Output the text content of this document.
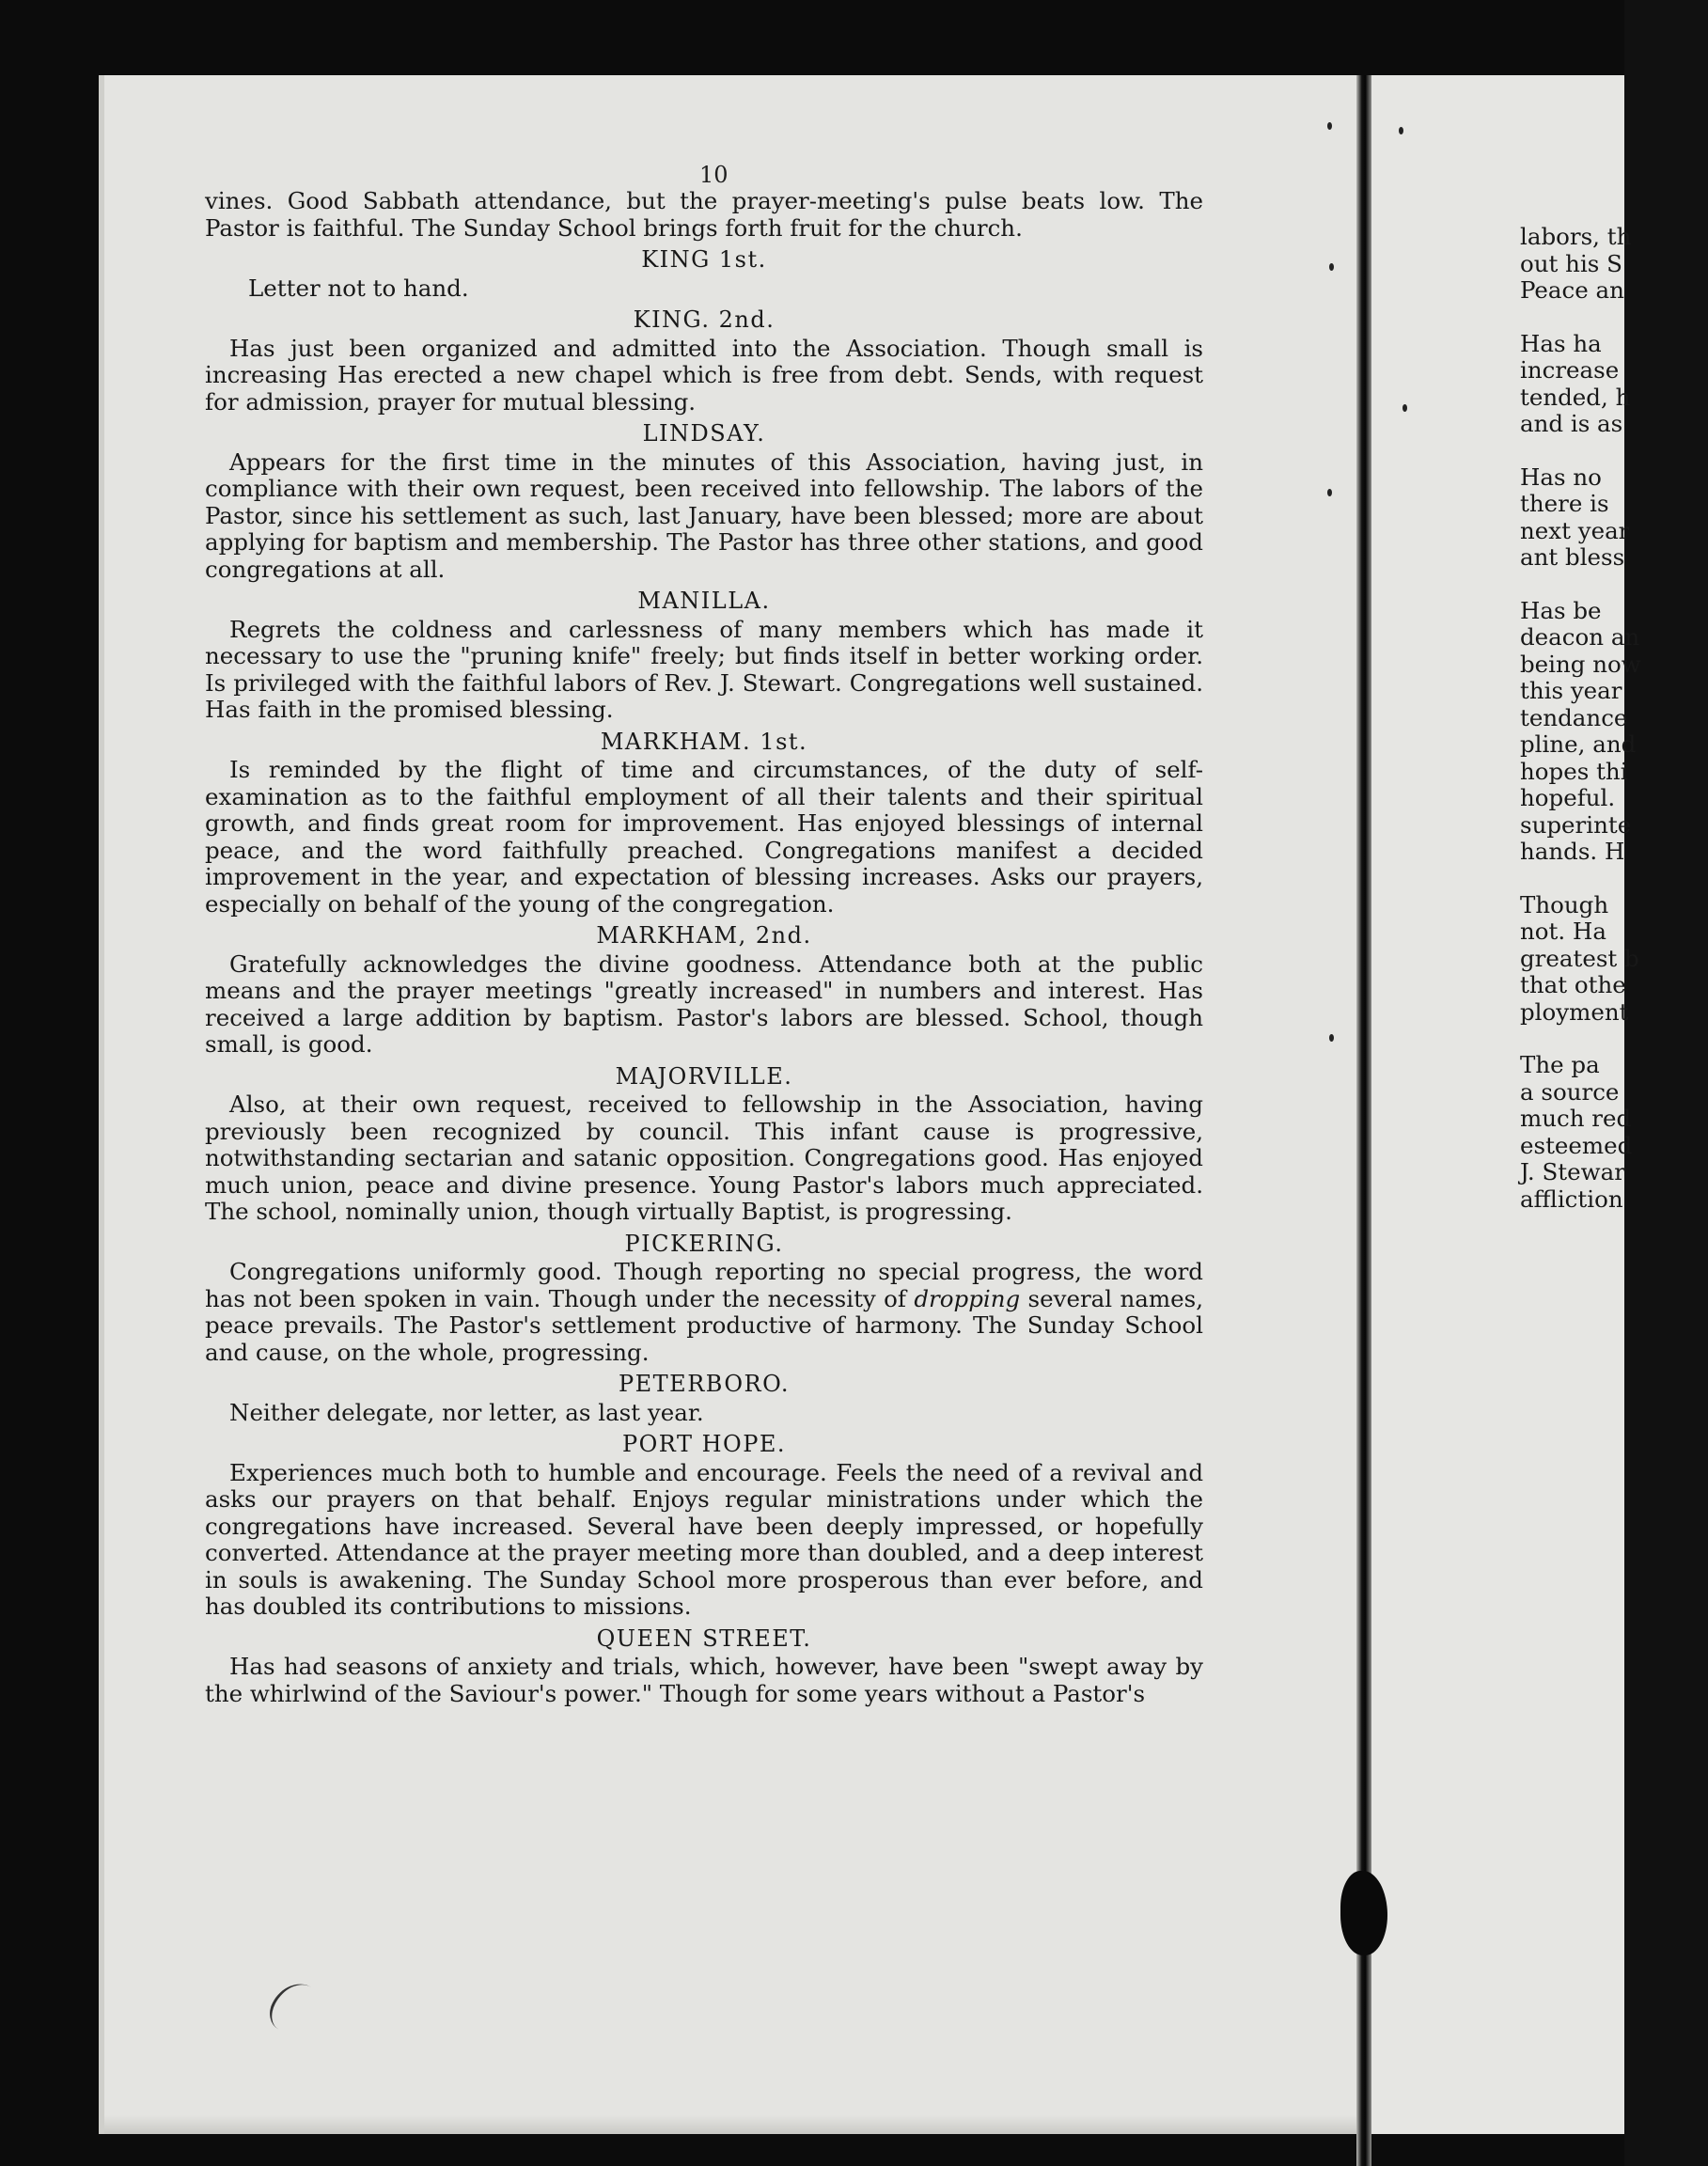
10

vines. Good Sabbath attendance, but the prayer-meeting's pulse beats low. The Pastor is faithful. The Sunday School brings forth fruit for the church.

KING 1st.

Letter not to hand.

KING. 2nd.

Has just been organized and admitted into the Association. Though small is increasing Has erected a new chapel which is free from debt. Sends, with request for admission, prayer for mutual blessing.

LINDSAY.

Appears for the first time in the minutes of this Association, having just, in compliance with their own request, been received into fellowship. The labors of the Pastor, since his settlement as such, last January, have been blessed; more are about applying for baptism and membership. The Pastor has three other stations, and good congregations at all.

MANILLA.

Regrets the coldness and carlessness of many members which has made it necessary to use the "pruning knife" freely; but finds itself in better working order. Is privileged with the faithful labors of Rev. J. Stewart. Congregations well sustained. Has faith in the promised blessing.

MARKHAM. 1st.

Is reminded by the flight of time and circumstances, of the duty of self-examination as to the faithful employment of all their talents and their spiritual growth, and finds great room for improvement. Has enjoyed blessings of internal peace, and the word faithfully preached. Congregations manifest a decided improvement in the year, and expectation of blessing increases. Asks our prayers, especially on behalf of the young of the congregation.

MARKHAM, 2nd.

Gratefully acknowledges the divine goodness. Attendance both at the public means and the prayer meetings "greatly increased" in numbers and interest. Has received a large addition by baptism. Pastor's labors are blessed. School, though small, is good.

MAJORVILLE.

Also, at their own request, received to fellowship in the Association, having previously been recognized by council. This infant cause is progressive, notwithstanding sectarian and satanic opposition. Congregations good. Has enjoyed much union, peace and divine presence. Young Pastor's labors much appreciated. The school, nominally union, though virtually Baptist, is progressing.

PICKERING.

Congregations uniformly good. Though reporting no special progress, the word has not been spoken in vain. Though under the necessity of dropping several names, peace prevails. The Pastor's settlement productive of harmony. The Sunday School and cause, on the whole, progressing.

PETERBORO.

Neither delegate, nor letter, as last year.

PORT HOPE.

Experiences much both to humble and encourage. Feels the need of a revival and asks our prayers on that behalf. Enjoys regular ministrations under which the congregations have increased. Several have been deeply impressed, or hopefully converted. Attendance at the prayer meeting more than doubled, and a deep interest in souls is awakening. The Sunday School more prosperous than ever before, and has doubled its contributions to missions.

QUEEN STREET.

Has had seasons of anxiety and trials, which, however, have been "swept away by the whirlwind of the Saviour's power." Though for some years without a Pastor's

labors, th
out his S
Peace an
Has ha
increase
tended, h
and is as
Has no
there is
next year
ant bless
Has be
deacon an
being now
this year
tendance
pline, and
hopes thi
hopeful.
superinte
hands. H
Though
not. Ha
greatest b
that othe
ployment
The pa
a source
much red
esteemed
J. Stewar
affliction
